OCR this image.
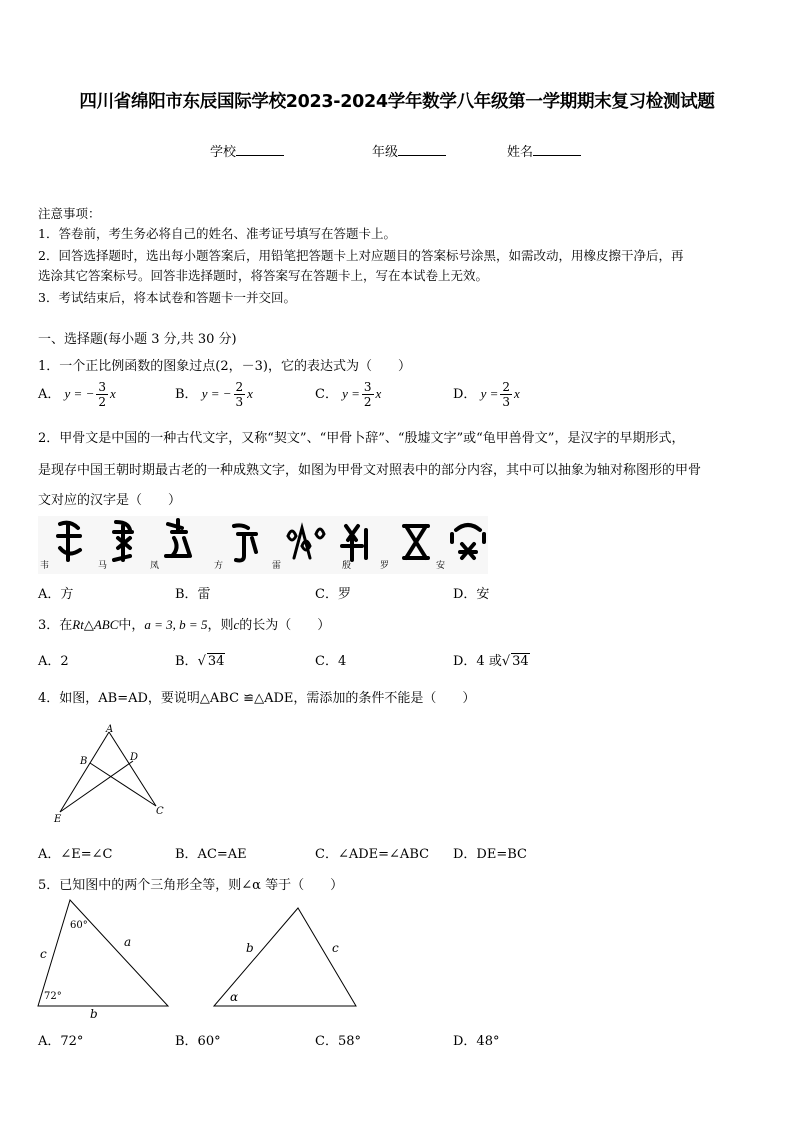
四川省绵阳市东辰国际学校2023-2024学年数学八年级第一学期期末复习检测试题
学校	年级	姓名
注意事项：
1．答卷前，考生务必将自己的姓名、准考证号填写在答题卡上。
2．回答选择题时，选出每小题答案后，用铅笔把答题卡上对应题目的答案标号涂黑，如需改动，用橡皮擦干净后，再
选涂其它答案标号。回答非选择题时，将答案写在答题卡上，写在本试卷上无效。
3．考试结束后，将本试卷和答题卡一并交回。
一、选择题(每小题 3 分,共 30 分)
1．一个正比例函数的图象过点(2，－3)，它的表达式为（　　）
A． y = − $\frac{3}{2}$ x	B． y = − $\frac{2}{3}$ x	C． $y = \frac{3}{2}$ x	D． $y = \frac{2}{3}$ x
2．甲骨文是中国的一种古代文字，又称“契文”、“甲骨卜辞”、“殷墟文字”或“龟甲兽骨文”，是汉字的早期形式，
是现存中国王朝时期最古老的一种成熟文字，如图为甲骨文对照表中的部分内容，其中可以抽象为轴对称图形的甲骨
文对应的汉字是（　　）
韦	马	凤	方	雷	殷	罗	安
A．方	B．雷	C．罗	D．安
3．在Rt△ABC中，a = 3, b = 5，则c的长为（　　）
A．2	B．√ 34	C．4	D．4 或√ 34
4．如图，AB=AD，要说明△ABC ≌△ADE，需添加的条件不能是（　　）
A
B	D
E
C
A．∠E=∠C	B．AC=AE	C．∠ADE=∠ABC D．DE=BC
5．已知图中的两个三角形全等，则∠α 等于（　　）
60°
a
c
72°
b
b	c
α
A．72°	B．60°	C．58°	D．48°
